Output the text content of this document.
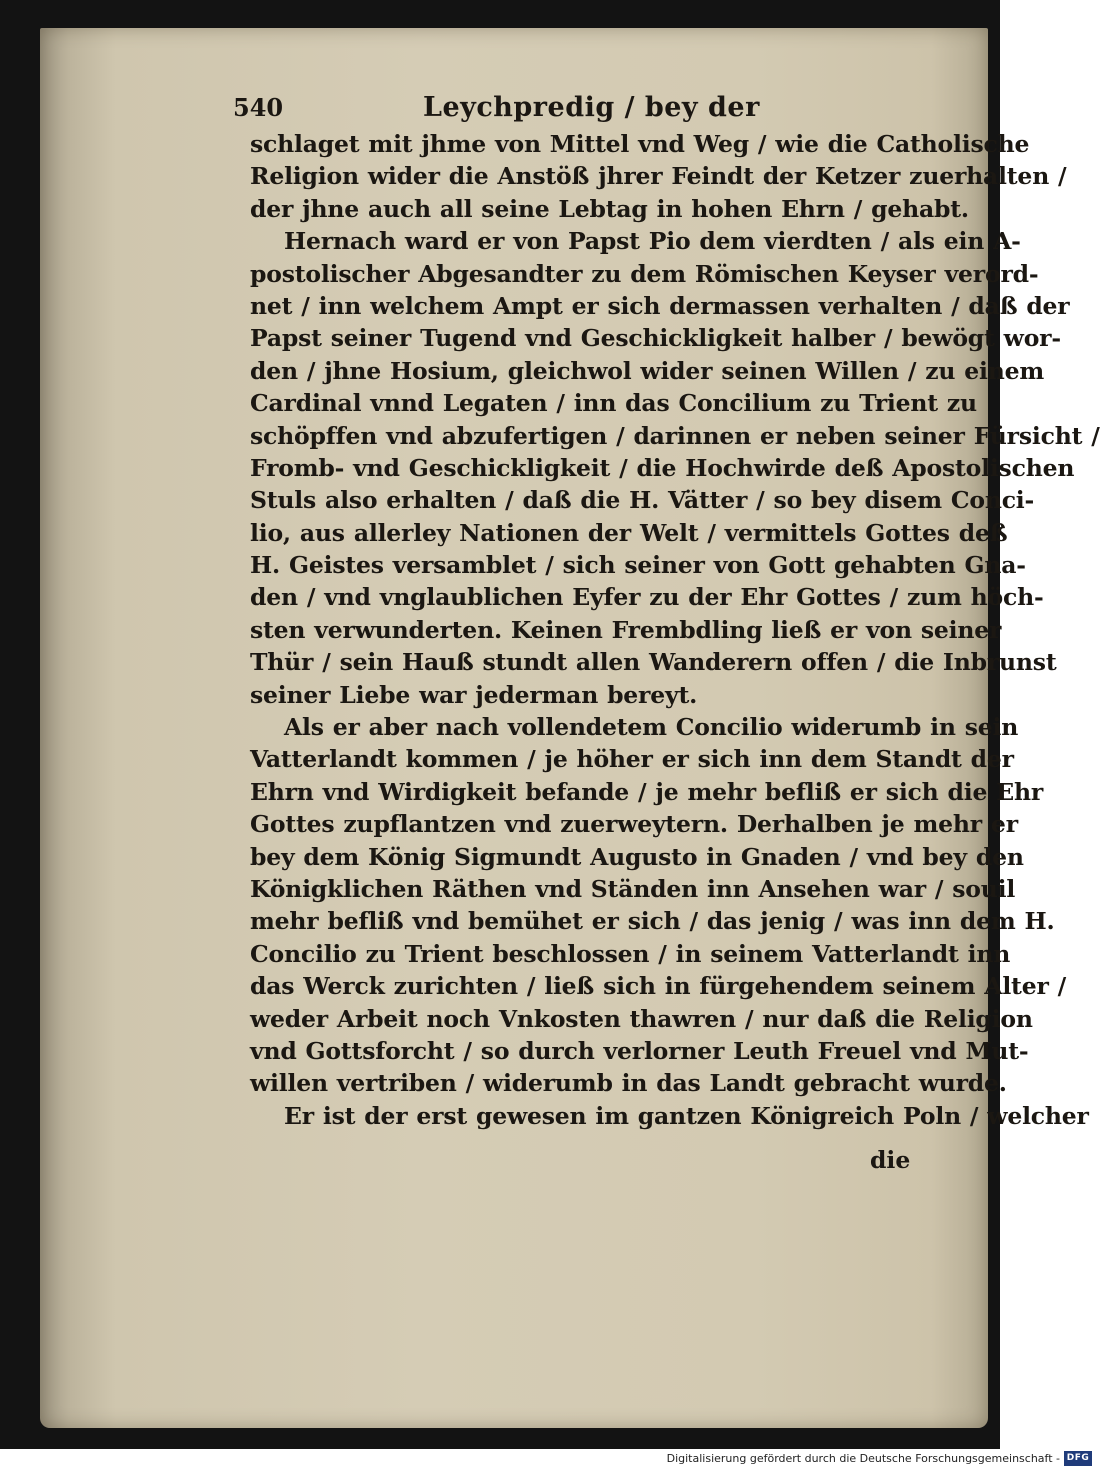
540	Leychpredig / bey der
schlaget mit jhme von Mittel vnd Weg / wie die Catholische
Religion wider die Anstöß jhrer Feindt der Ketzer zuerhalten /
der jhne auch all seine Lebtag in hohen Ehrn / gehabt.
Hernach ward er von Papst Pio dem vierdten / als ein A-
postolischer Abgesandter zu dem Römischen Keyser verord-
net / inn welchem Ampt er sich dermassen verhalten / daß der
Papst seiner Tugend vnd Geschickligkeit halber / bewögt wor-
den / jhne Hosium, gleichwol wider seinen Willen / zu einem
Cardinal vnnd Legaten / inn das Concilium zu Trient zu
schöpffen vnd abzufertigen / darinnen er neben seiner Fürsicht /
Fromb- vnd Geschickligkeit / die Hochwirde deß Apostolischen
Stuls also erhalten / daß die H. Vätter / so bey disem Conci-
lio, aus allerley Nationen der Welt / vermittels Gottes deß
H. Geistes versamblet / sich seiner von Gott gehabten Gna-
den / vnd vnglaublichen Eyfer zu der Ehr Gottes / zum höch-
sten verwunderten. Keinen Frembdling ließ er von seiner
Thür / sein Hauß stundt allen Wanderern offen / die Inbrunst
seiner Liebe war jederman bereyt.
Als er aber nach vollendetem Concilio widerumb in sein
Vatterlandt kommen / je höher er sich inn dem Standt der
Ehrn vnd Wirdigkeit befande / je mehr befliß er sich die Ehr
Gottes zupflantzen vnd zuerweytern. Derhalben je mehr er
bey dem König Sigmundt Augusto in Gnaden / vnd bey den
Königklichen Räthen vnd Ständen inn Ansehen war / souil
mehr befliß vnd bemühet er sich / das jenig / was inn dem H.
Concilio zu Trient beschlossen / in seinem Vatterlandt inn
das Werck zurichten / ließ sich in fürgehendem seinem Alter /
weder Arbeit noch Vnkosten thawren / nur daß die Religion
vnd Gottsforcht / so durch verlorner Leuth Freuel vnd Mut-
willen vertriben / widerumb in das Landt gebracht wurde.
Er ist der erst gewesen im gantzen Königreich Poln / welcher
die
Digitalisierung gefördert durch die Deutsche Forschungsgemeinschaft - DFG
